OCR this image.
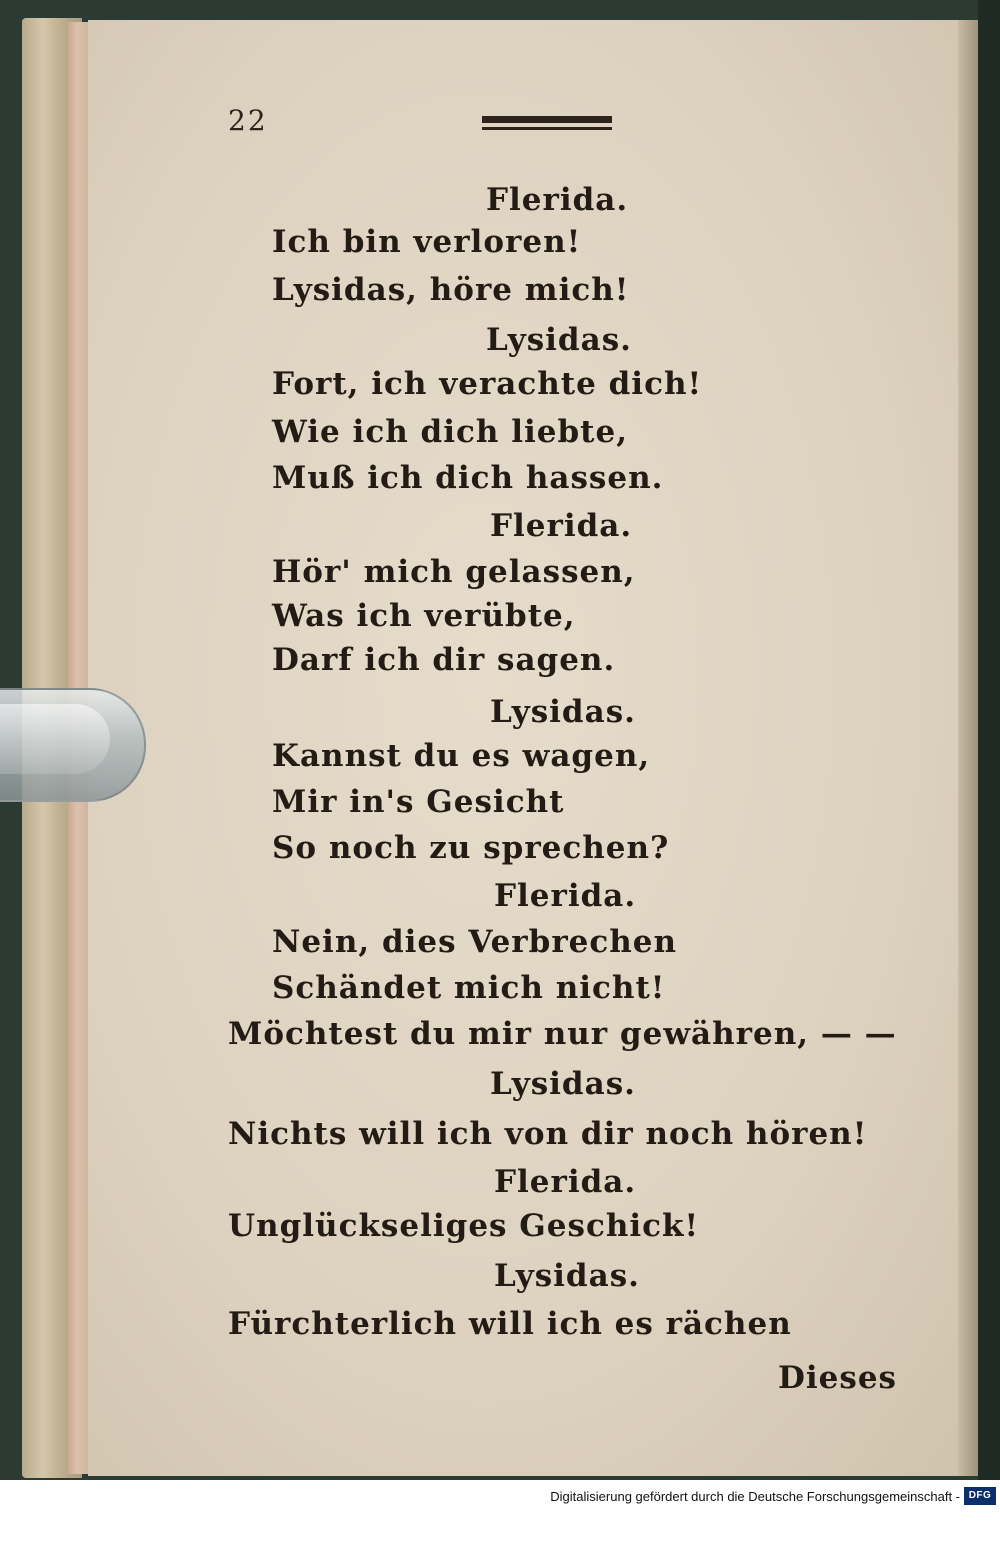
22
Flerida.
Ich bin verloren!
Lysidas, höre mich!
Lysidas.
Fort, ich verachte dich!
Wie ich dich liebte,
Muß ich dich hassen.
Flerida.
Hör' mich gelassen,
Was ich verübte,
Darf ich dir sagen.
Lysidas.
Kannst du es wagen,
Mir in's Gesicht
So noch zu sprechen?
Flerida.
Nein, dies Verbrechen
Schändet mich nicht!
Möchtest du mir nur gewähren, — —
Lysidas.
Nichts will ich von dir noch hören!
Flerida.
Unglückseliges Geschick!
Lysidas.
Fürchterlich will ich es rächen
Dieses
Digitalisierung gefördert durch die Deutsche Forschungsgemeinschaft - DFG
